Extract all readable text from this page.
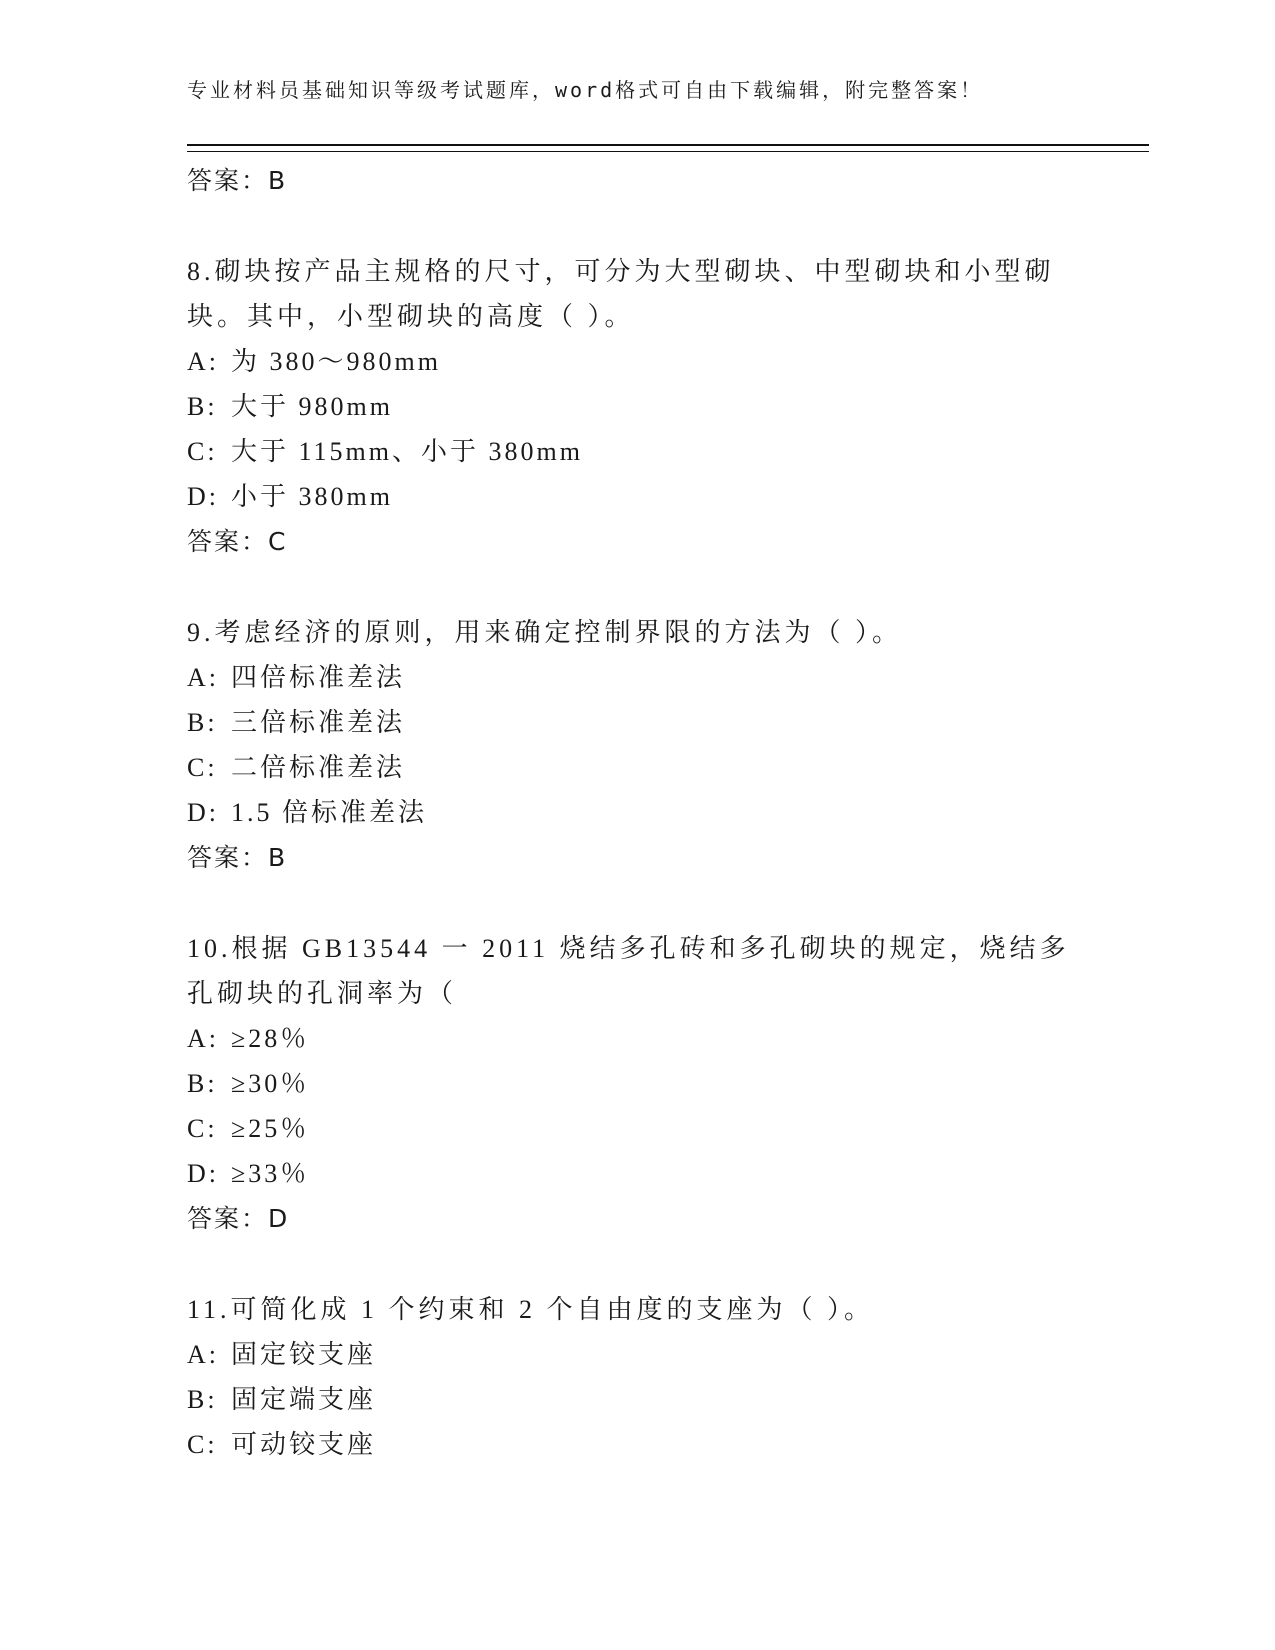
专业材料员基础知识等级考试题库，word格式可自由下载编辑，附完整答案！
答案：B
8.砌块按产品主规格的尺寸，可分为大型砌块、中型砌块和小型砌块。其中，小型砌块的高度（ ）。
A: 为 380～980mm
B: 大于 980mm
C: 大于 115mm、小于 380mm
D: 小于 380mm
答案：C
9.考虑经济的原则，用来确定控制界限的方法为（ ）。
A: 四倍标准差法
B: 三倍标准差法
C: 二倍标准差法
D: 1.5 倍标准差法
答案：B
10.根据 GB13544 一 2011 烧结多孔砖和多孔砌块的规定，烧结多孔砌块的孔洞率为（
A: ≥28％
B: ≥30％
C: ≥25％
D: ≥33％
答案：D
11.可简化成 1 个约束和 2 个自由度的支座为（ ）。
A: 固定铰支座
B: 固定端支座
C: 可动铰支座
